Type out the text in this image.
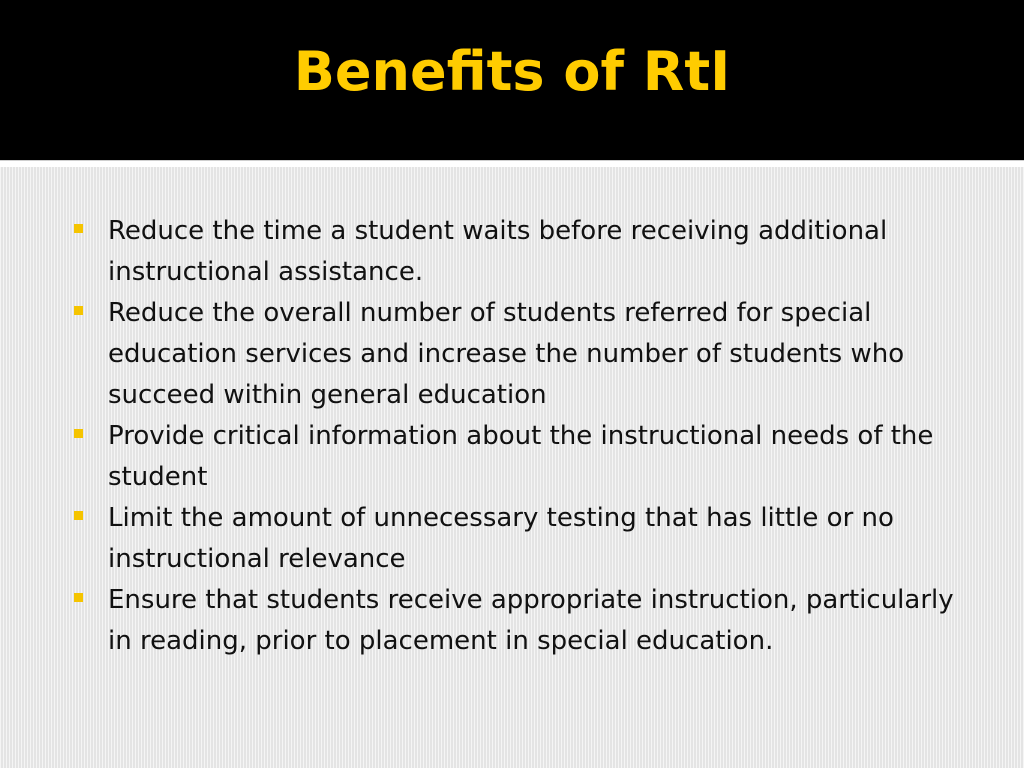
Benefits of RtI
Reduce the time a student waits before receiving additional instructional assistance.
Reduce the overall number of students referred for special education services and increase the number of students who succeed within general education
Provide critical information about the instructional needs of the student
Limit the amount of unnecessary testing that has little or no instructional relevance
Ensure that students receive appropriate instruction, particularly in reading, prior to placement in special education.
